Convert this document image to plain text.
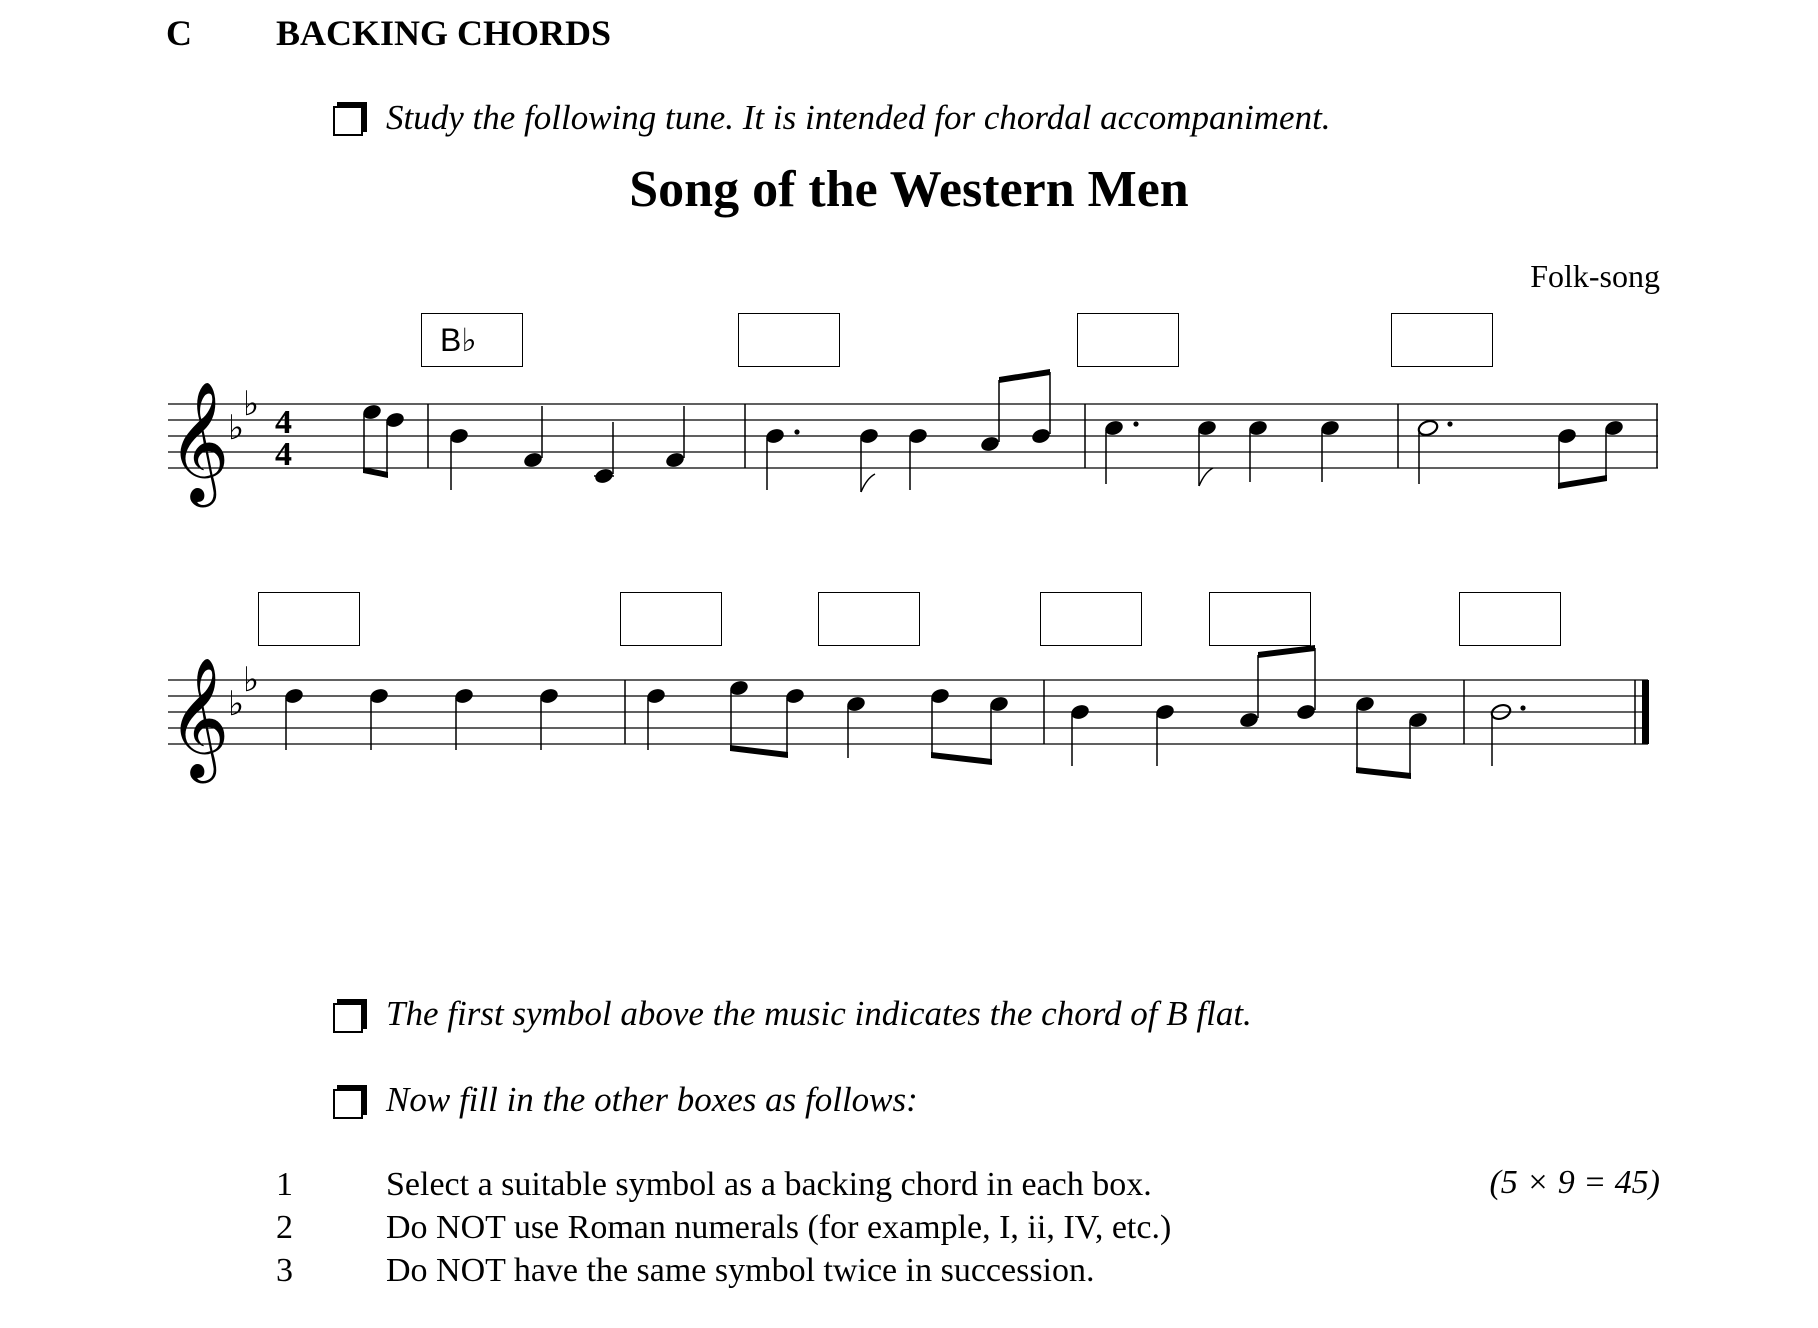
C BACKING CHORDS
Study the following tune. It is intended for chordal accompaniment.
Song of the Western Men
Folk-song
B♭
𝄞
♭
♭ 4
4
𝄞
♭
♭
The first symbol above the music indicates the chord of B flat.
Now fill in the other boxes as follows:
1	Select a suitable symbol as a backing chord in each box.	(5 × 9 = 45)
2	Do NOT use Roman numerals (for example, I, ii, IV, etc.)
3	Do NOT have the same symbol twice in succession.
